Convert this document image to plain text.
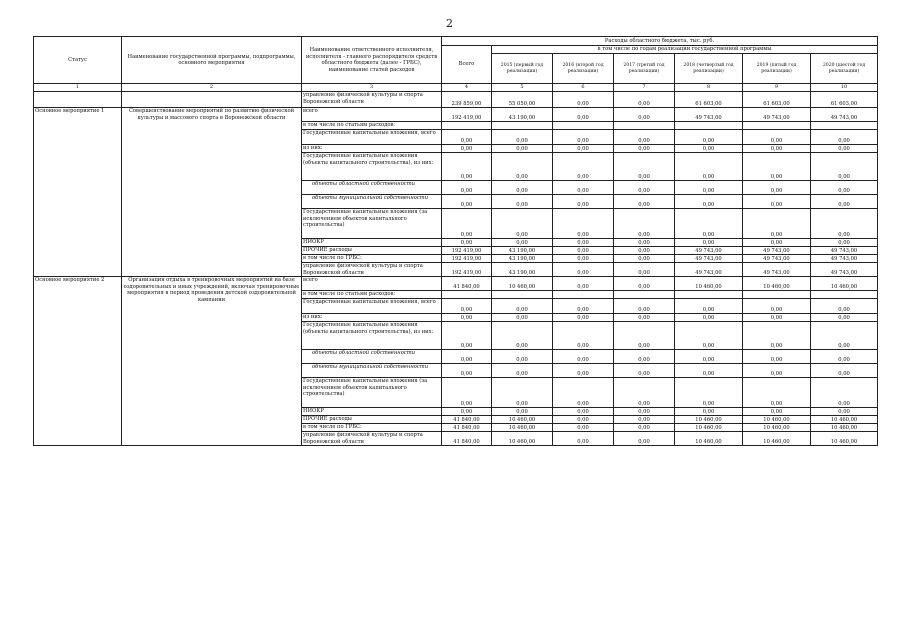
2
Статус	Наименование государственной программы, подпрограммы, основного мероприятия	Наименование ответственного исполнителя, исполнителя - главного распорядителя средств областного бюджета (далее - ГРБС), наименование статей расходов	Расходы областного бюджета, тыс. руб.							
			Всего	в том числе по годам реализации государственной программы						
				2015 (первый год реализации)	2016 (второй год реализации)	2017 (третий год реализации)	2018 (четвертый год реализации)	2019 (пятый год реализации)	2020 (шестой год реализации)	
1	2	3	4	5	6	7	8	9	10	
		управление физической культуры и спорта Воронежской области	239 859,00	55 050,00	0,00	0,00	61 603,00	61 603,00	61 603,00	
Основное мероприятие 1	Совершенствование мероприятий по развитию физической культуры и массового спорта в Воронежской области	всего	192 419,00	43 190,00	0,00	0,00	49 743,00	49 743,00	49 743,00	
		в том числе по статьям расходов:								
		Государственные капитальные вложения, всего	0,00	0,00	0,00	0,00	0,00	0,00	0,00	
		из них:	0,00	0,00	0,00	0,00	0,00	0,00	0,00	
		Государственные капитальные вложения (объекты капитального строительства), из них:	0,00	0,00	0,00	0,00	0,00	0,00	0,00	
		объекты областной собственности	0,00	0,00	0,00	0,00	0,00	0,00	0,00	
		объекты муниципальной собственности	0,00	0,00	0,00	0,00	0,00	0,00	0,00	
		Государственные капитальные вложения (за исключением объектов капитального строительства)	0,00	0,00	0,00	0,00	0,00	0,00	0,00	
		НИОКР	0,00	0,00	0,00	0,00	0,00	0,00	0,00	
		ПРОЧИЕ расходы	192 419,00	43 190,00	0,00	0,00	49 743,00	49 743,00	49 743,00	
		в том числе по ГРБС:	192 419,00	43 190,00	0,00	0,00	49 743,00	49 743,00	49 743,00	
		управление физической культуры и спорта Воронежской области	192 419,00	43 190,00	0,00	0,00	49 743,00	49 743,00	49 743,00	
Основное мероприятие 2	Организация отдыха в тренировочных мероприятий на базе оздоровительных и иных учреждений, включая тренировочные мероприятия в период проведения детской оздоровительной кампании	всего	41 840,00	10 460,00	0,00	0,00	10 460,00	10 460,00	10 460,00	
		в том числе по статьям расходов:								
		Государственные капитальные вложения, всего	0,00	0,00	0,00	0,00	0,00	0,00	0,00	
		из них:	0,00	0,00	0,00	0,00	0,00	0,00	0,00	
		Государственные капитальные вложения (объекты капитального строительства), из них:	0,00	0,00	0,00	0,00	0,00	0,00	0,00	
		объекты областной собственности	0,00	0,00	0,00	0,00	0,00	0,00	0,00	
		объекты муниципальной собственности	0,00	0,00	0,00	0,00	0,00	0,00	0,00	
		Государственные капитальные вложения (за исключением объектов капитального строительства)	0,00	0,00	0,00	0,00	0,00	0,00	0,00	
		НИОКР	0,00	0,00	0,00	0,00	0,00	0,00	0,00	
		ПРОЧИЕ расходы	41 840,00	10 460,00	0,00	0,00	10 460,00	10 460,00	10 460,00	
		в том числе по ГРБС:	41 840,00	10 460,00	0,00	0,00	10 460,00	10 460,00	10 460,00	
		управление физической культуры и спорта Воронежской области	41 840,00	10 460,00	0,00	0,00	10 460,00	10 460,00	10 460,00	
